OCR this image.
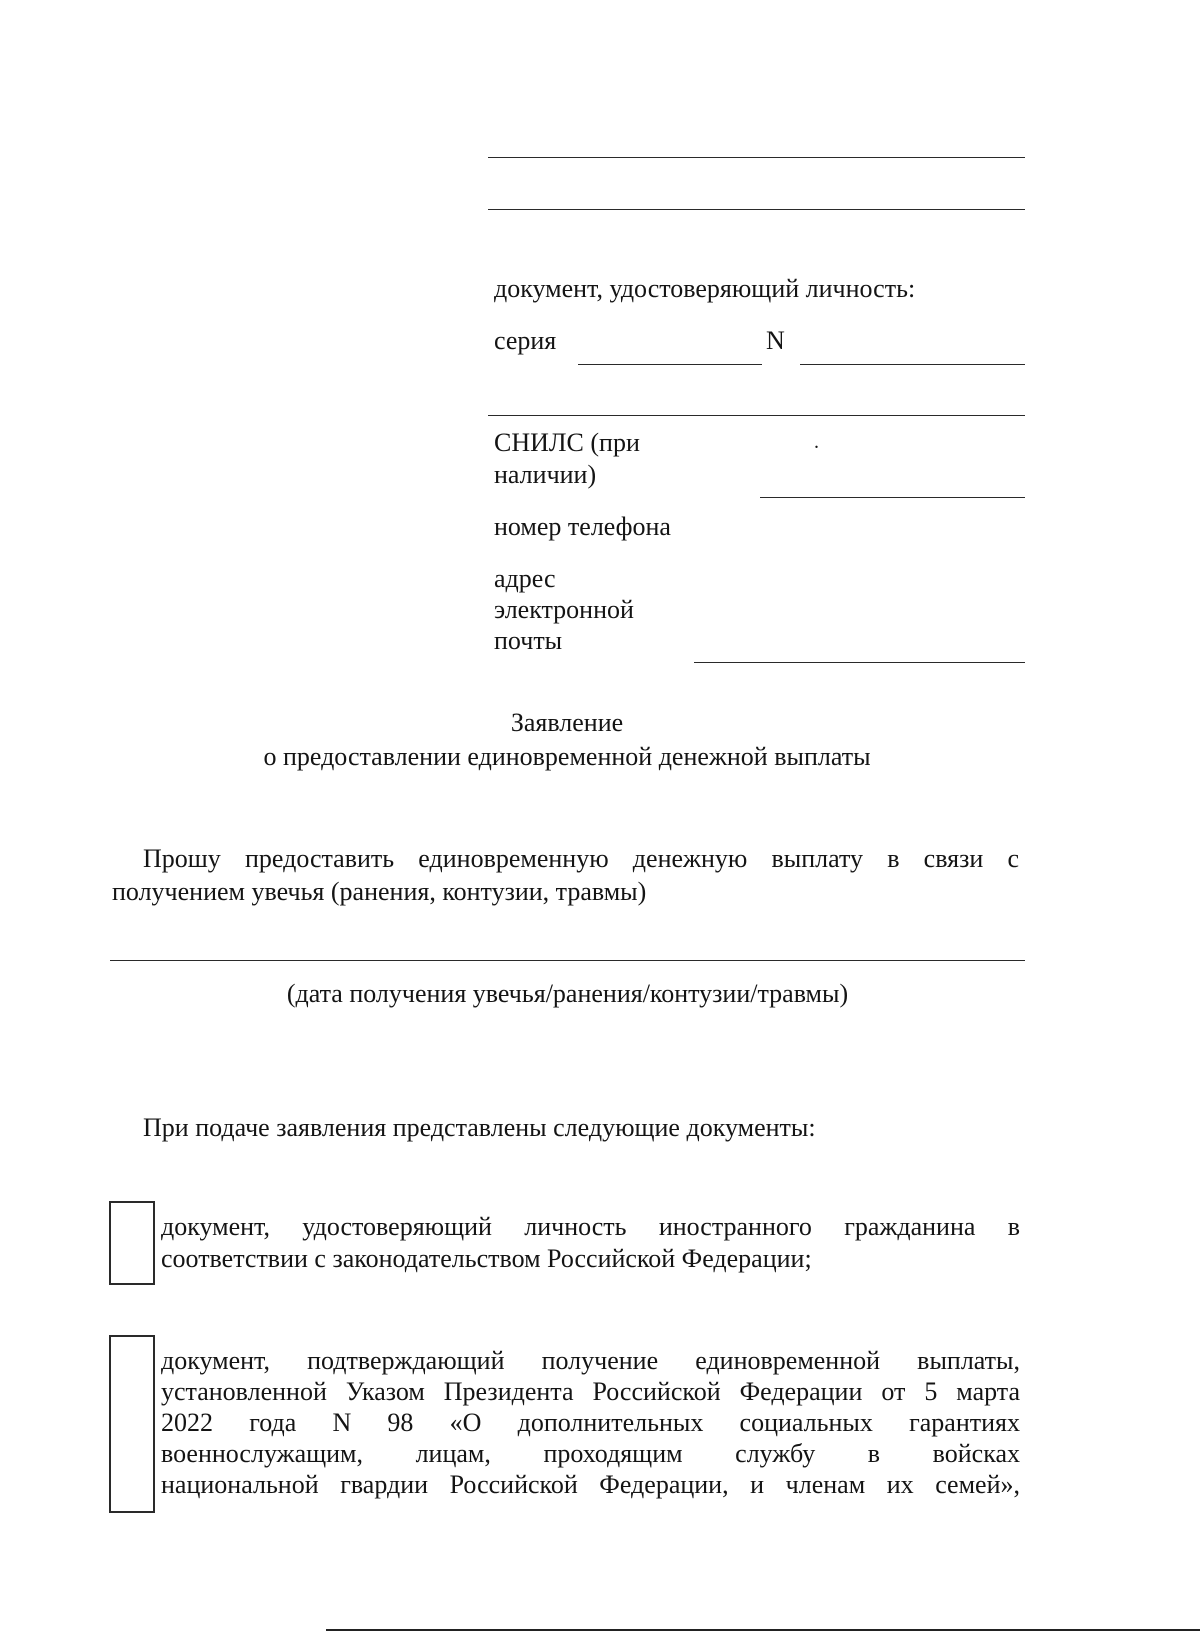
документ, удостоверяющий личность:
серия	N
СНИЛС (при
наличии)
.
номер телефона
адрес
электронной
почты
Заявление
о предоставлении единовременной денежной выплаты
Прошу предоставить единовременную денежную выплату в связи с
получением увечья (ранения, контузии, травмы)
(дата получения увечья/ранения/контузии/травмы)
При подаче заявления представлены следующие документы:
документ, удостоверяющий личность иностранного гражданина в
соответствии с законодательством Российской Федерации;
документ, подтверждающий получение единовременной выплаты,
установленной Указом Президента Российской Федерации от 5 марта
2022 года N 98 «О дополнительных социальных гарантиях
военнослужащим, лицам, проходящим службу в войсках
национальной гвардии Российской Федерации, и членам их семей»,
